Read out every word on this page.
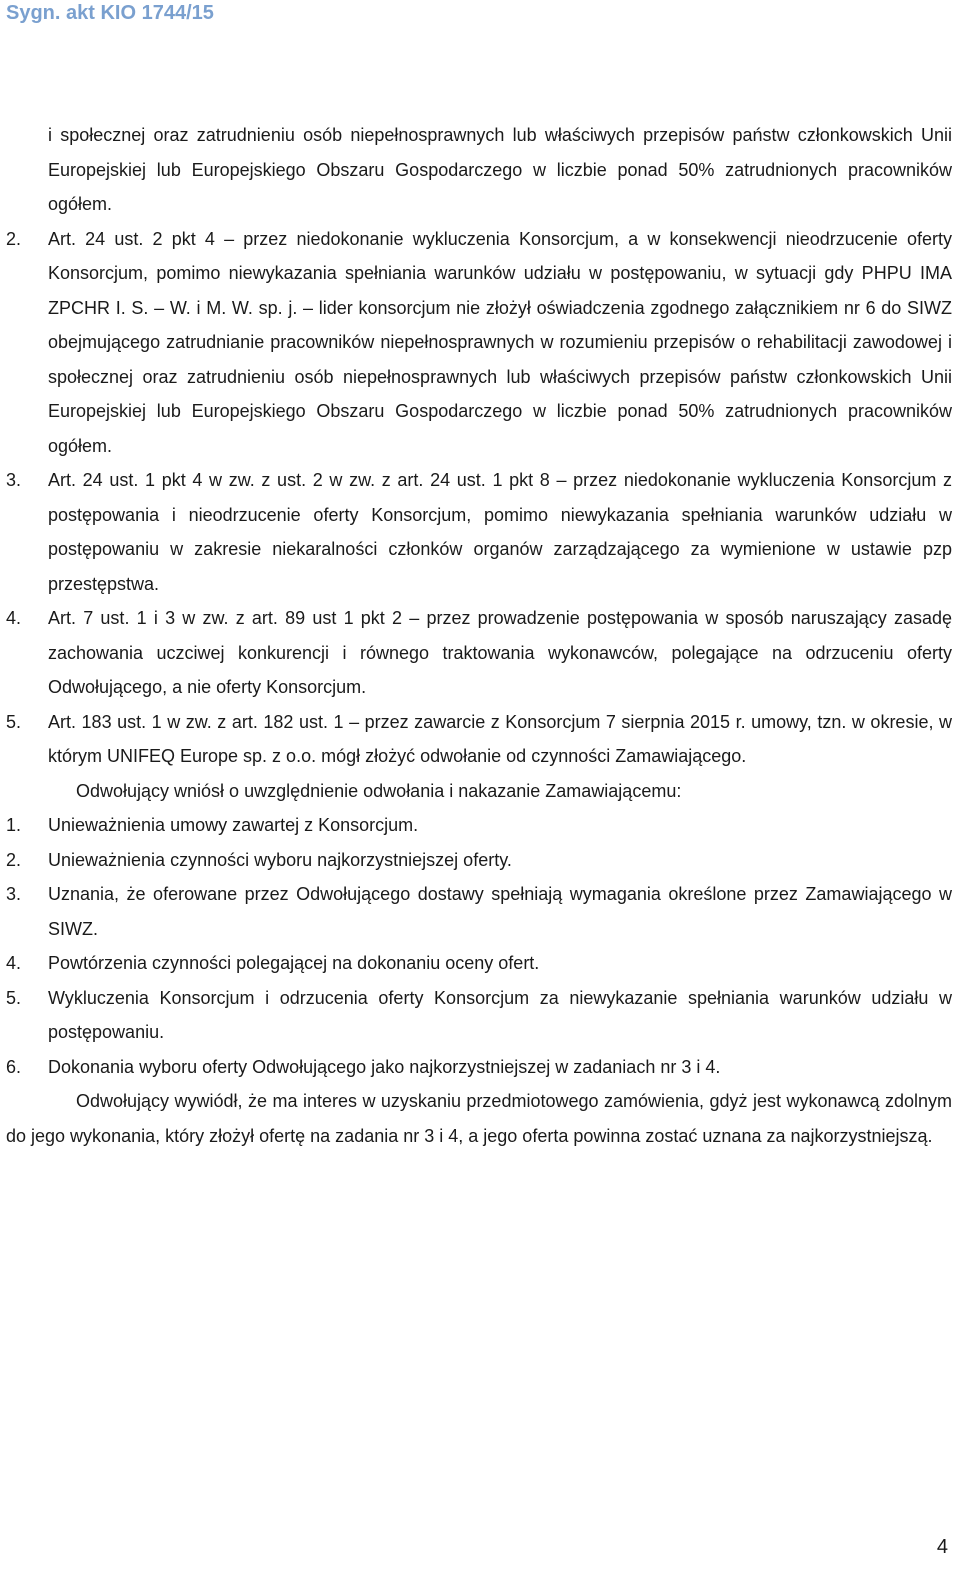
Sygn. akt KIO 1744/15
i społecznej oraz zatrudnieniu osób niepełnosprawnych lub właściwych przepisów państw członkowskich Unii Europejskiej lub Europejskiego Obszaru Gospodarczego w liczbie ponad 50% zatrudnionych pracowników ogółem.
2. Art. 24 ust. 2 pkt 4 – przez niedokonanie wykluczenia Konsorcjum, a w konsekwencji nieodrzucenie oferty Konsorcjum, pomimo niewykazania spełniania warunków udziału w postępowaniu, w sytuacji gdy PHPU IMA ZPCHR I. S. – W. i M. W. sp. j. – lider konsorcjum nie złożył oświadczenia zgodnego załącznikiem nr 6 do SIWZ obejmującego zatrudnianie pracowników niepełnosprawnych w rozumieniu przepisów o rehabilitacji zawodowej i społecznej oraz zatrudnieniu osób niepełnosprawnych lub właściwych przepisów państw członkowskich Unii Europejskiej lub Europejskiego Obszaru Gospodarczego w liczbie ponad 50% zatrudnionych pracowników ogółem.
3. Art. 24 ust. 1 pkt 4 w zw. z ust. 2 w zw. z art. 24 ust. 1 pkt 8 – przez niedokonanie wykluczenia Konsorcjum z postępowania i nieodrzucenie oferty Konsorcjum, pomimo niewykazania spełniania warunków udziału w postępowaniu w zakresie niekaralności członków organów zarządzającego za wymienione w ustawie pzp przestępstwa.
4. Art. 7 ust. 1 i 3 w zw. z art. 89 ust 1 pkt 2 – przez prowadzenie postępowania w sposób naruszający zasadę zachowania uczciwej konkurencji i równego traktowania wykonawców, polegające na odrzuceniu oferty Odwołującego, a nie oferty Konsorcjum.
5. Art. 183 ust. 1 w zw. z art. 182 ust. 1 – przez zawarcie z Konsorcjum 7 sierpnia 2015 r. umowy, tzn. w okresie, w którym UNIFEQ Europe sp. z o.o. mógł złożyć odwołanie od czynności Zamawiającego.
Odwołujący wniósł o uwzględnienie odwołania i nakazanie Zamawiającemu:
1. Unieważnienia umowy zawartej z Konsorcjum.
2. Unieważnienia czynności wyboru najkorzystniejszej oferty.
3. Uznania, że oferowane przez Odwołującego dostawy spełniają wymagania określone przez Zamawiającego w SIWZ.
4. Powtórzenia czynności polegającej na dokonaniu oceny ofert.
5. Wykluczenia Konsorcjum i odrzucenia oferty Konsorcjum za niewykazanie spełniania warunków udziału w postępowaniu.
6. Dokonania wyboru oferty Odwołującego jako najkorzystniejszej w zadaniach nr 3 i 4.
Odwołujący wywiódł, że ma interes w uzyskaniu przedmiotowego zamówienia, gdyż jest wykonawcą zdolnym do jego wykonania, który złożył ofertę na zadania nr 3 i 4, a jego oferta powinna zostać uznana za najkorzystniejszą.
4
